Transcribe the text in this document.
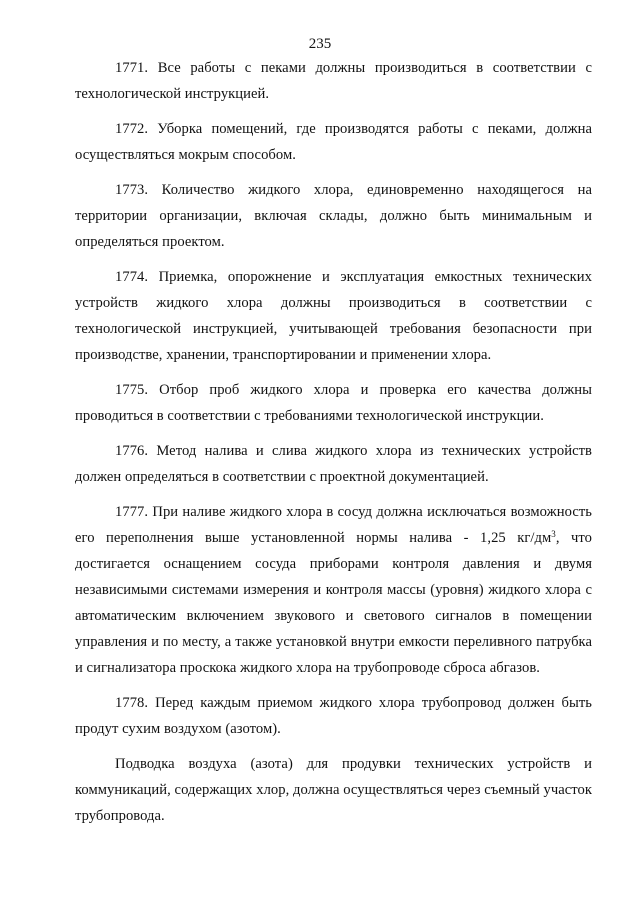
235

1771. Все работы с пеками должны производиться в соответствии с технологической инструкцией.

1772. Уборка помещений, где производятся работы с пеками, должна осуществляться мокрым способом.

1773. Количество жидкого хлора, единовременно находящегося на территории организации, включая склады, должно быть минимальным и определяться проектом.

1774. Приемка, опорожнение и эксплуатация емкостных технических устройств жидкого хлора должны производиться в соответствии с технологической инструкцией, учитывающей требования безопасности при производстве, хранении, транспортировании и применении хлора.

1775. Отбор проб жидкого хлора и проверка его качества должны проводиться в соответствии с требованиями технологической инструкции.

1776. Метод налива и слива жидкого хлора из технических устройств должен определяться в соответствии с проектной документацией.

1777. При наливе жидкого хлора в сосуд должна исключаться возможность его переполнения выше установленной нормы налива - 1,25 $кг/дм^3$, что достигается оснащением сосуда приборами контроля давления и двумя независимыми системами измерения и контроля массы (уровня) жидкого хлора с автоматическим включением звукового и светового сигналов в помещении управления и по месту, а также установкой внутри емкости переливного патрубка и сигнализатора проскока жидкого хлора на трубопроводе сброса абгазов.

1778. Перед каждым приемом жидкого хлора трубопровод должен быть продут сухим воздухом (азотом).

Подводка воздуха (азота) для продувки технических устройств и коммуникаций, содержащих хлор, должна осуществляться через съемный участок трубопровода.
